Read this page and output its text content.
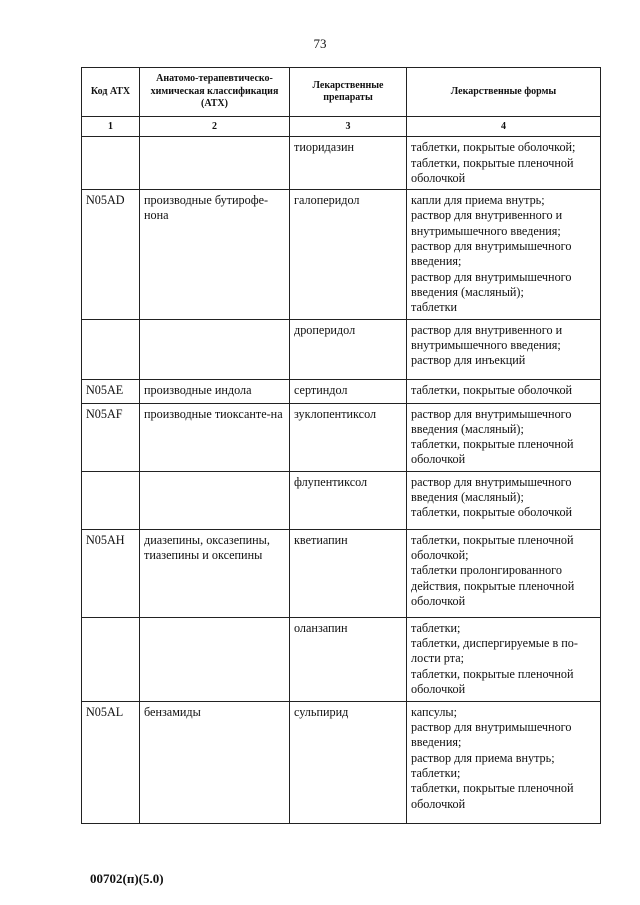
73
Код АТХ	Анатомо-терапевтическо-химическая классификация (АТХ)	Лекарственные препараты	Лекарственные формы
1	2	3	4
		тиоридазин	таблетки, покрытые оболочкой;
таблетки, покрытые пленочной оболочкой

N05AD	производные бутирофе-нона	галоперидол	капли для приема внутрь;
раствор для внутривенного и внутримышечного введения;
раствор для внутримышечного введения;
раствор для внутримышечного введения (масляный);
таблетки

		дроперидол	раствор для внутривенного и внутримышечного введения;
раствор для инъекций

N05AE	производные индола	сертиндол	таблетки, покрытые оболочкой

N05AF	производные тиоксанте-на	зуклопентиксол	раствор для внутримышечного введения (масляный);
таблетки, покрытые пленочной оболочкой

		флупентиксол	раствор для внутримышечного введения (масляный);
таблетки, покрытые оболочкой

N05AH	диазепины, оксазепины, тиазепины и оксепины	кветиапин	таблетки, покрытые пленочной оболочкой;
таблетки пролонгированного действия, покрытые пленочной оболочкой

		оланзапин	таблетки;
таблетки, диспергируемые в по-лости рта;
таблетки, покрытые пленочной оболочкой

N05AL	бензамиды	сульпирид	капсулы;
раствор для внутримышечного введения;
раствор для приема внутрь;
таблетки;
таблетки, покрытые пленочной оболочкой
00702(п)(5.0)
